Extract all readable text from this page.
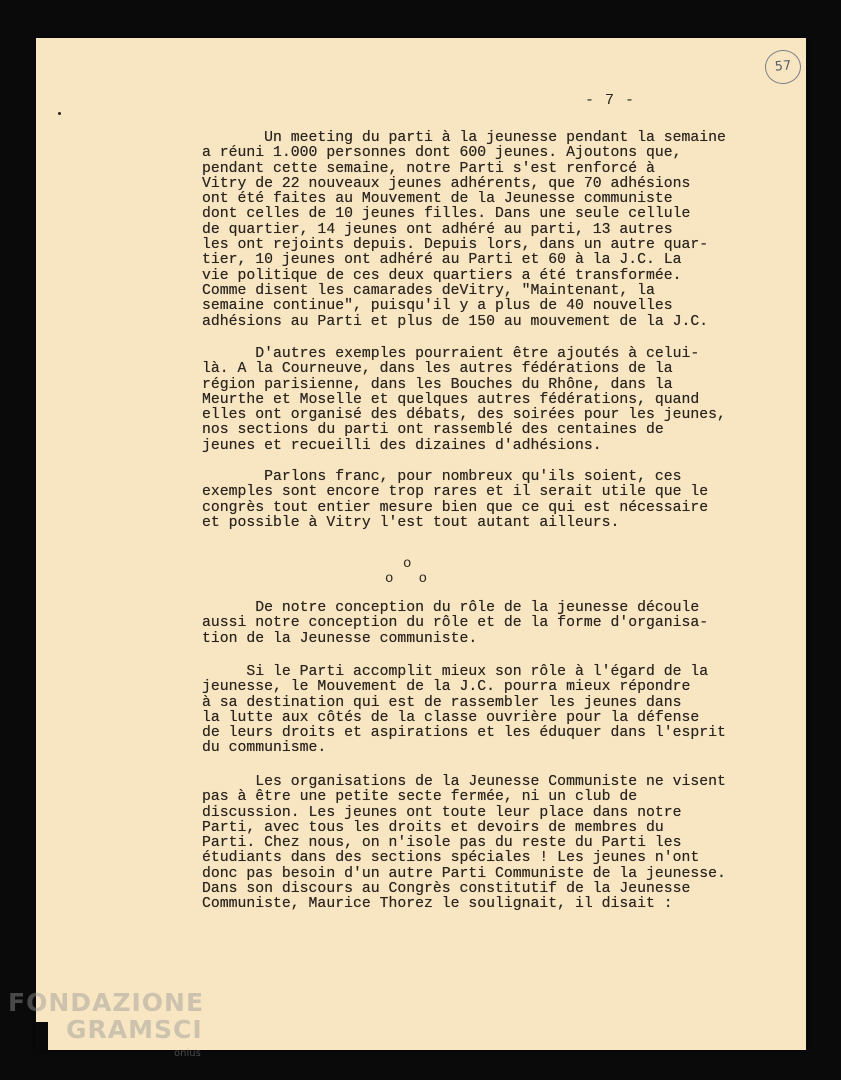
57
- 7 -
Un meeting du parti à la jeunesse pendant la semaine
a réuni 1.000 personnes dont 600 jeunes. Ajoutons que,
pendant cette semaine, notre Parti s'est renforcé à
Vitry de 22 nouveaux jeunes adhérents, que 70 adhésions
ont été faites au Mouvement de la Jeunesse communiste
dont celles de 10 jeunes filles. Dans une seule cellule
de quartier, 14 jeunes ont adhéré au parti, 13 autres
les ont rejoints depuis. Depuis lors, dans un autre quar-
tier, 10 jeunes ont adhéré au Parti et 60 à la J.C. La
vie politique de ces deux quartiers a été transformée.
Comme disent les camarades deVitry, "Maintenant, la
semaine continue", puisqu'il y a plus de 40 nouvelles
adhésions au Parti et plus de 150 au mouvement de la J.C.
D'autres exemples pourraient être ajoutés à celui-
là. A la Courneuve, dans les autres fédérations de la
région parisienne, dans les Bouches du Rhône, dans la
Meurthe et Moselle et quelques autres fédérations, quand
elles ont organisé des débats, des soirées pour les jeunes,
nos sections du parti ont rassemblé des centaines de
jeunes et recueilli des dizaines d'adhésions.
Parlons franc, pour nombreux qu'ils soient, ces
exemples sont encore trop rares et il serait utile que le
congrès tout entier mesure bien que ce qui est nécessaire
et possible à Vitry l'est tout autant ailleurs.
o
o   o
De notre conception du rôle de la jeunesse découle
aussi notre conception du rôle et de la forme d'organisa-
tion de la Jeunesse communiste.
Si le Parti accomplit mieux son rôle à l'égard de la
jeunesse, le Mouvement de la J.C. pourra mieux répondre
à sa destination qui est de rassembler les jeunes dans
la lutte aux côtés de la classe ouvrière pour la défense
de leurs droits et aspirations et les éduquer dans l'esprit
du communisme.
Les organisations de la Jeunesse Communiste ne visent
pas à être une petite secte fermée, ni un club de
discussion. Les jeunes ont toute leur place dans notre
Parti, avec tous les droits et devoirs de membres du
Parti. Chez nous, on n'isole pas du reste du Parti les
étudiants dans des sections spéciales ! Les jeunes n'ont
donc pas besoin d'un autre Parti Communiste de la jeunesse.
Dans son discours au Congrès constitutif de la Jeunesse
Communiste, Maurice Thorez le soulignait, il disait :
FONDAZIONE
GRAMSCI
onlus
